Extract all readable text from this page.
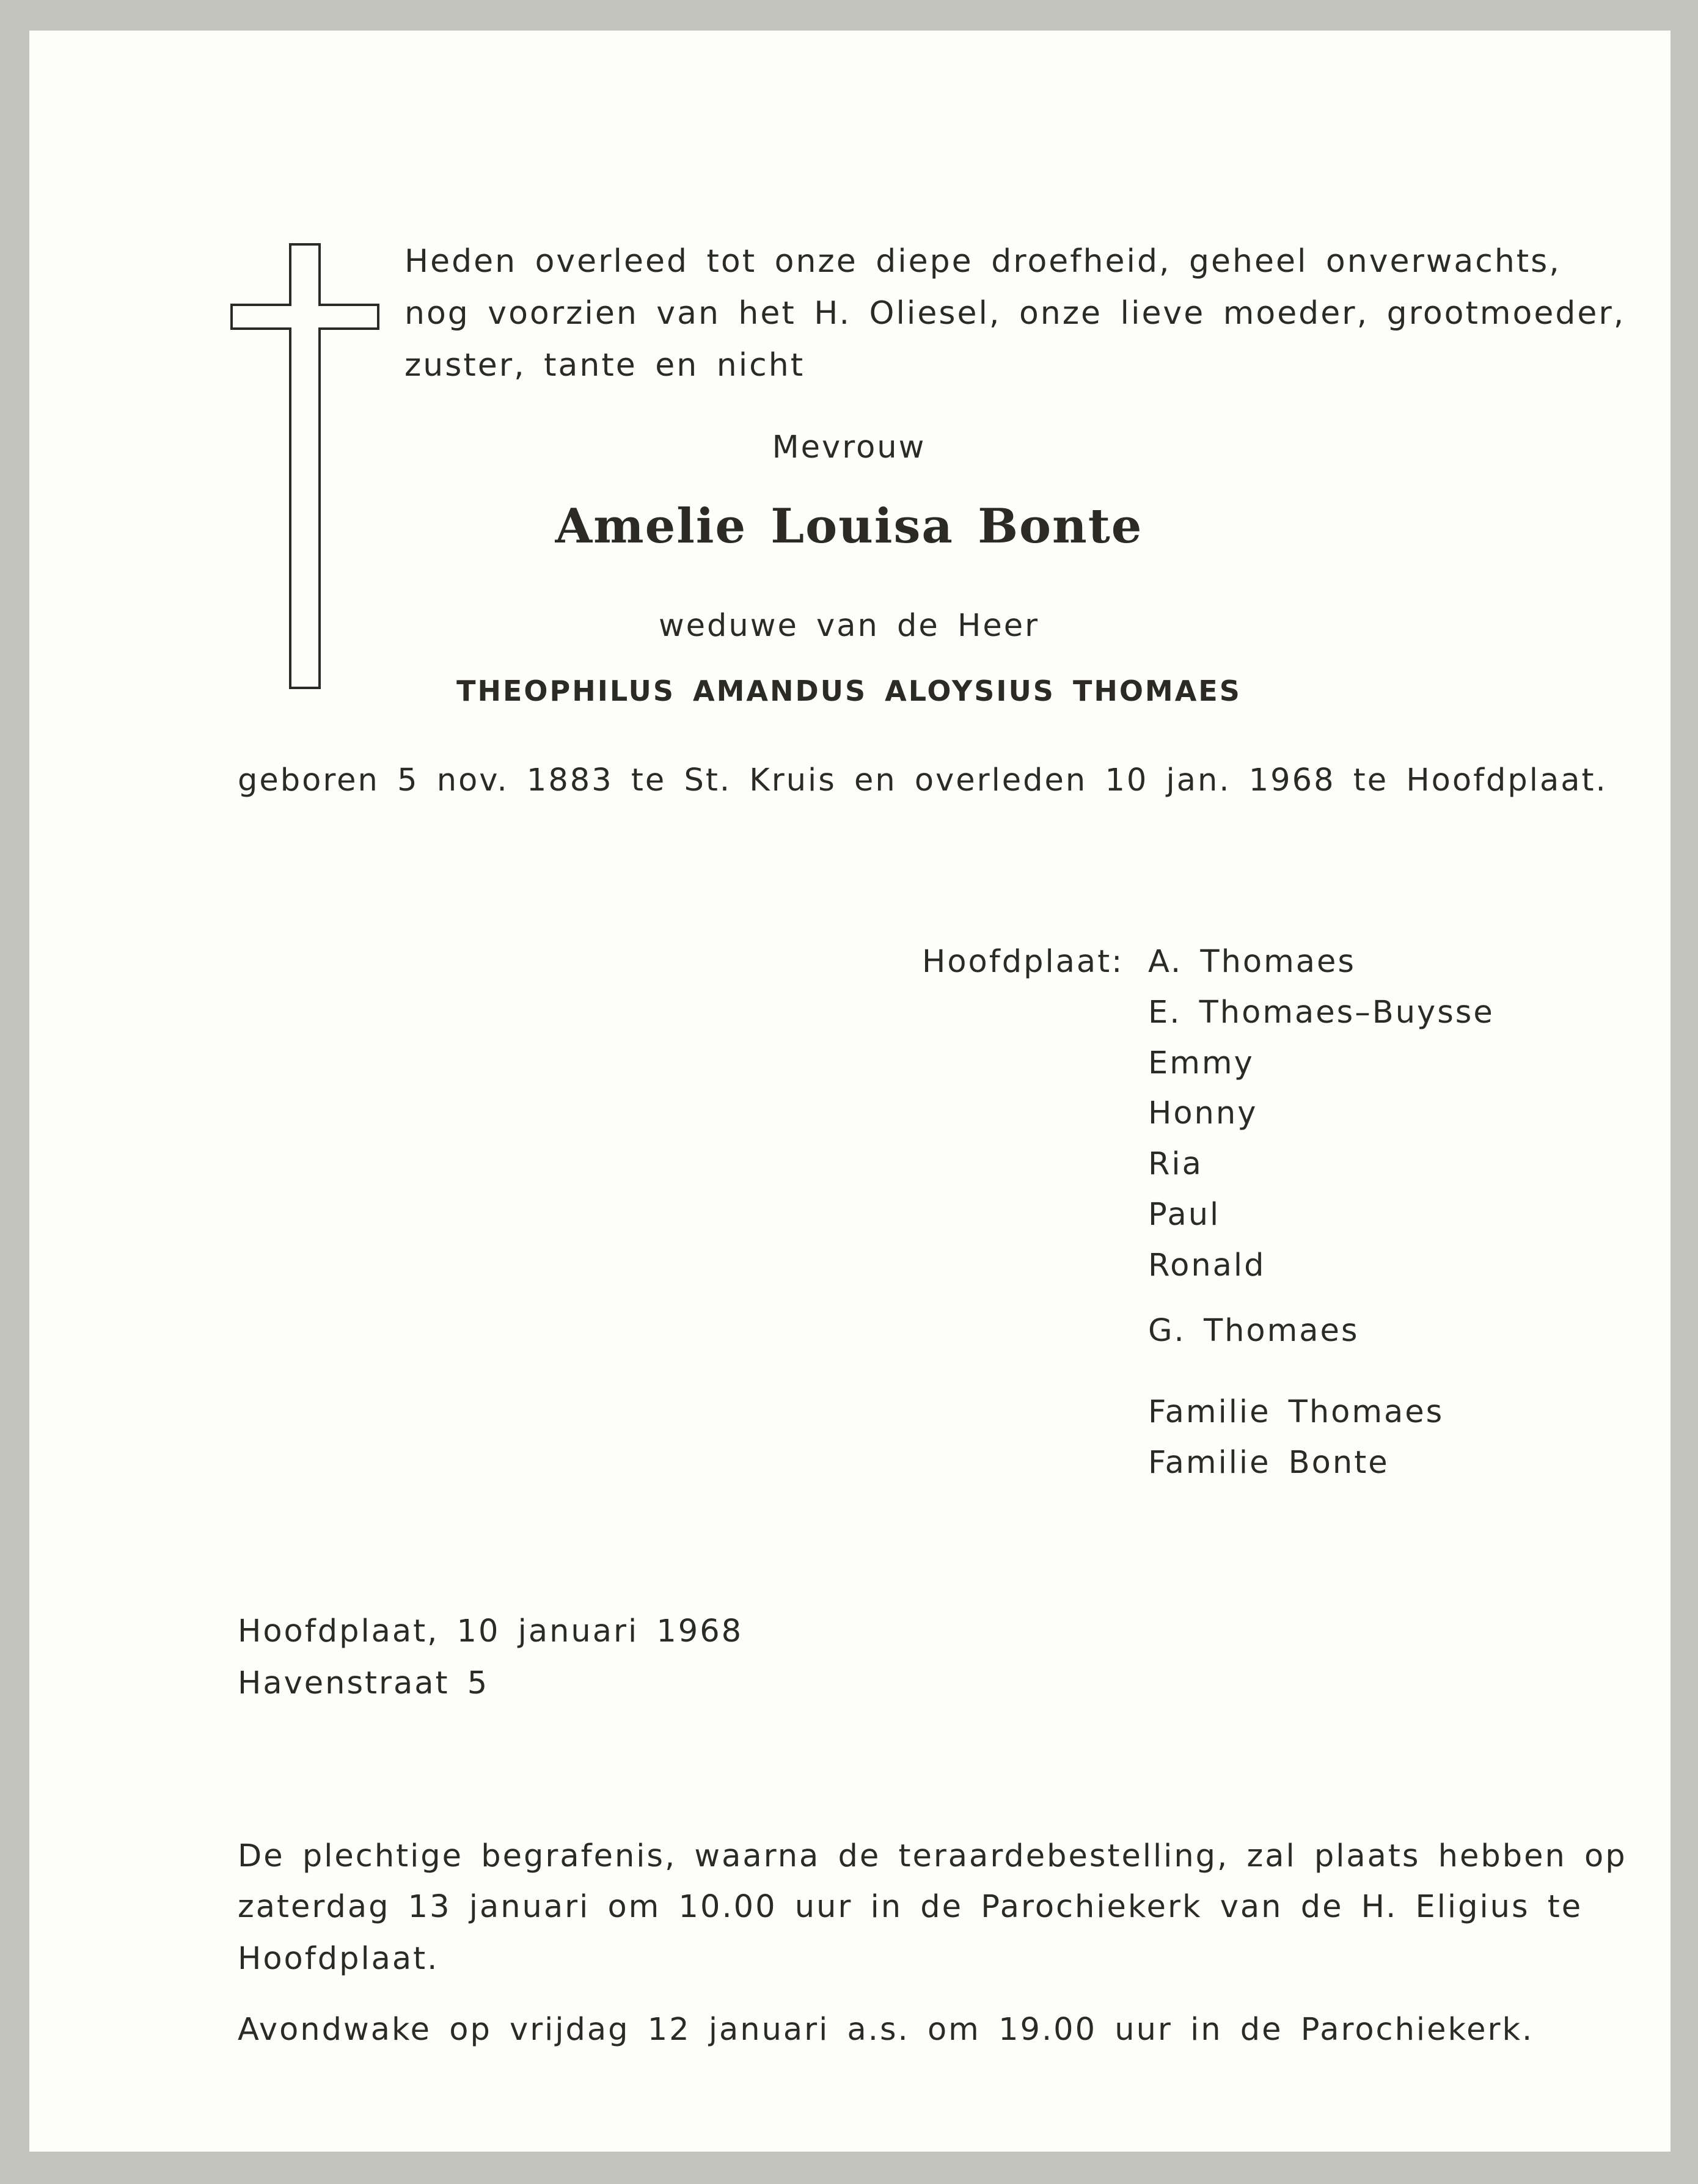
Heden overleed tot onze diepe droefheid, geheel onverwachts,
nog voorzien van het H. Oliesel, onze lieve moeder, grootmoeder,
zuster, tante en nicht
Mevrouw
Amelie Louisa Bonte
weduwe van de Heer
THEOPHILUS AMANDUS ALOYSIUS THOMAES
geboren 5 nov. 1883 te St. Kruis en overleden 10 jan. 1968 te Hoofdplaat.
Hoofdplaat: A. Thomaes
E. Thomaes–Buysse
Emmy
Honny
Ria
Paul
Ronald
G. Thomaes
Familie Thomaes
Familie Bonte
Hoofdplaat, 10 januari 1968
Havenstraat 5
De plechtige begrafenis, waarna de teraardebestelling, zal plaats hebben op
zaterdag 13 januari om 10.00 uur in de Parochiekerk van de H. Eligius te
Hoofdplaat.
Avondwake op vrijdag 12 januari a.s. om 19.00 uur in de Parochiekerk.
